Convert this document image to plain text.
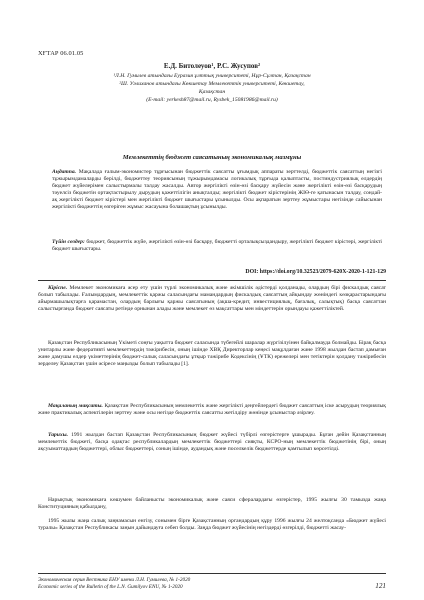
ХҒТАР 06.01.05
Е.Д. Битолеуов¹, Р.С. Жусупов²
¹Л.Н. Гумилев атындағы Еуразия ұлттық университеті, Нұр-Сұлтан, Қазақстан
²Ш. Уәлиханов атындағы Көкшетау Мемлекеттік университеті, Көкшетау,
Қазақстан
(E-mail: yerkesh87@mail.ru, Rysbek_15081986@mail.ru)
Мемлекеттің бюджет саясатының экономикалық мазмұны
Аңдатпа. Мақалада ғалым-экономистер тұрғысынан бюджеттік саясатты ұғымдық аппараты зерттелді, бюджеттік саясаттың негізгі тұжырымдамаларды берілді, бюджеттеу теориясының тұжырымдамасы логикалық тұрғыда қалыптасты, постиндустриялық елдердің бюджет жүйелерімен салыстырмалы талдау жасалды. Автор жергілікті өзін-өзі басқару жүйесін және жергілікті өзін-өзі басқарудың тәуелсіз бюджетін ортақтастырылу дырудың қажеттілігін анықталды; жергілікті бюджет кірістерінің ЖІӨ-ге қатынасын талдау, сондай-ақ жергілікті бюджет кірістері мен жергілікті бюджет шығыстары ұсынылды. Осы ақпаратын зерттеу жұмыстары негізінде сайысынан жергілікті бюджеттің өзгеріген жұмыс жасауына болашақтың ұсынылды.
Түйін сөздер: бюджет, бюджеттік жүйе, жергілікті өзін-өзі басқару, бюджетті орталықсыздандыру, жергілікті бюджет кірістері, жергілікті бюджет шығыстары.
DOI: https://doi.org/10.32523/2079-620X-2020-1-121-129
Кіріспе. Мемлекет экономикаға әсер ету үшін түрлі экономикалық және әкімшілік әдістерді қолданады, олардың бірі фискалдық саясат болып табылады. Ғалымдардың, мемлекеттік қаржы саласындағы мамандардың фискалдық саясаттың айқындау жөніндегі көзқарастарындағы айырмашылықтарға қарамастан, олардың барлығы қаржы саясатының (ақша-кредит, инвестициялық, бағалық, салықтық) басқа саясаттан салыстырғанда бюджет саясаты ретінде орнынан алады және мемлекет өз мақсаттары мен міндеттерін орындауы қажеттіліктей.
Қазақстан Республикасының Үкіметі соңғы уақытта бюджет саласында түбегейлі шаралар жүргізілуінен байқалмауда болмайды. Бірақ басқа унитарлы және федеративті мемлекеттердің тәжірибесін, оның ішінде ХВҚ Директорлар кеңесі мақұлдаған және 1998 жылдан бастап дамыған және дамушы елдер үкіметтерінің бюджет-салық саласындағы ұтқыр тәжірибе Кодексінің (ҰТК) ережелері мен тетіктерін қолдану тәжірибесін зерделеу Қазақстан үшін әсіресе маңызды болып табылады [1].
Мақаланың мақсаты. Қазақстан Республикасының мемлекеттік және жергілікті деңгейлердегі бюджет саясаттың іске асырудың теориялық және практикалық аспектілерін зерттеу және осы негізде бюджеттік саясатты жетілдіру жөнінде ұсыныстар әзірлеу.
Тарихы. 1991 жылдан бастап Қазақстан Республикасының бюджет жүйесі түбірлі өзгерістерге ұшырады. Бұған дейін Қазақстанның мемлекеттік бюджеті, басқа одақтас республикалардың мемлекеттік бюджеттері сияқты, КСРО-ның мемлекеттік бюджетінің бірі, оның ақсуыматтардың бюджеттері, облыс бюджеттері, соның ішінде, аудандық және поселкелік бюджеттерде қамтылып көрсетілді.
Нарықтық экономикаға көшумен байланысты экономикалық және саяси сфералардағы өзгерістер, 1995 жылғы 30 тамызда жаңа Конституцияның қабылдану,
1995 жылы жаңа салық заңнамасын енгізу, сонымен бірге Қазақстанның органдардың құру 1996 жылғы 24 желтоқсанда «Бюджет жүйесі туралы» Қазақстан Республикасы заңын дайындауға себеп болды. Заңда бюджет жүйесінің негіздерді өзгерілді, бюджетті жасау-
Экономическая серия Вестника ЕНУ имени Л.Н. Гумилева, № 1-2020
Economic series of the Bulletin of the L.N. Gumilyov ENU, № 1-2020	121
